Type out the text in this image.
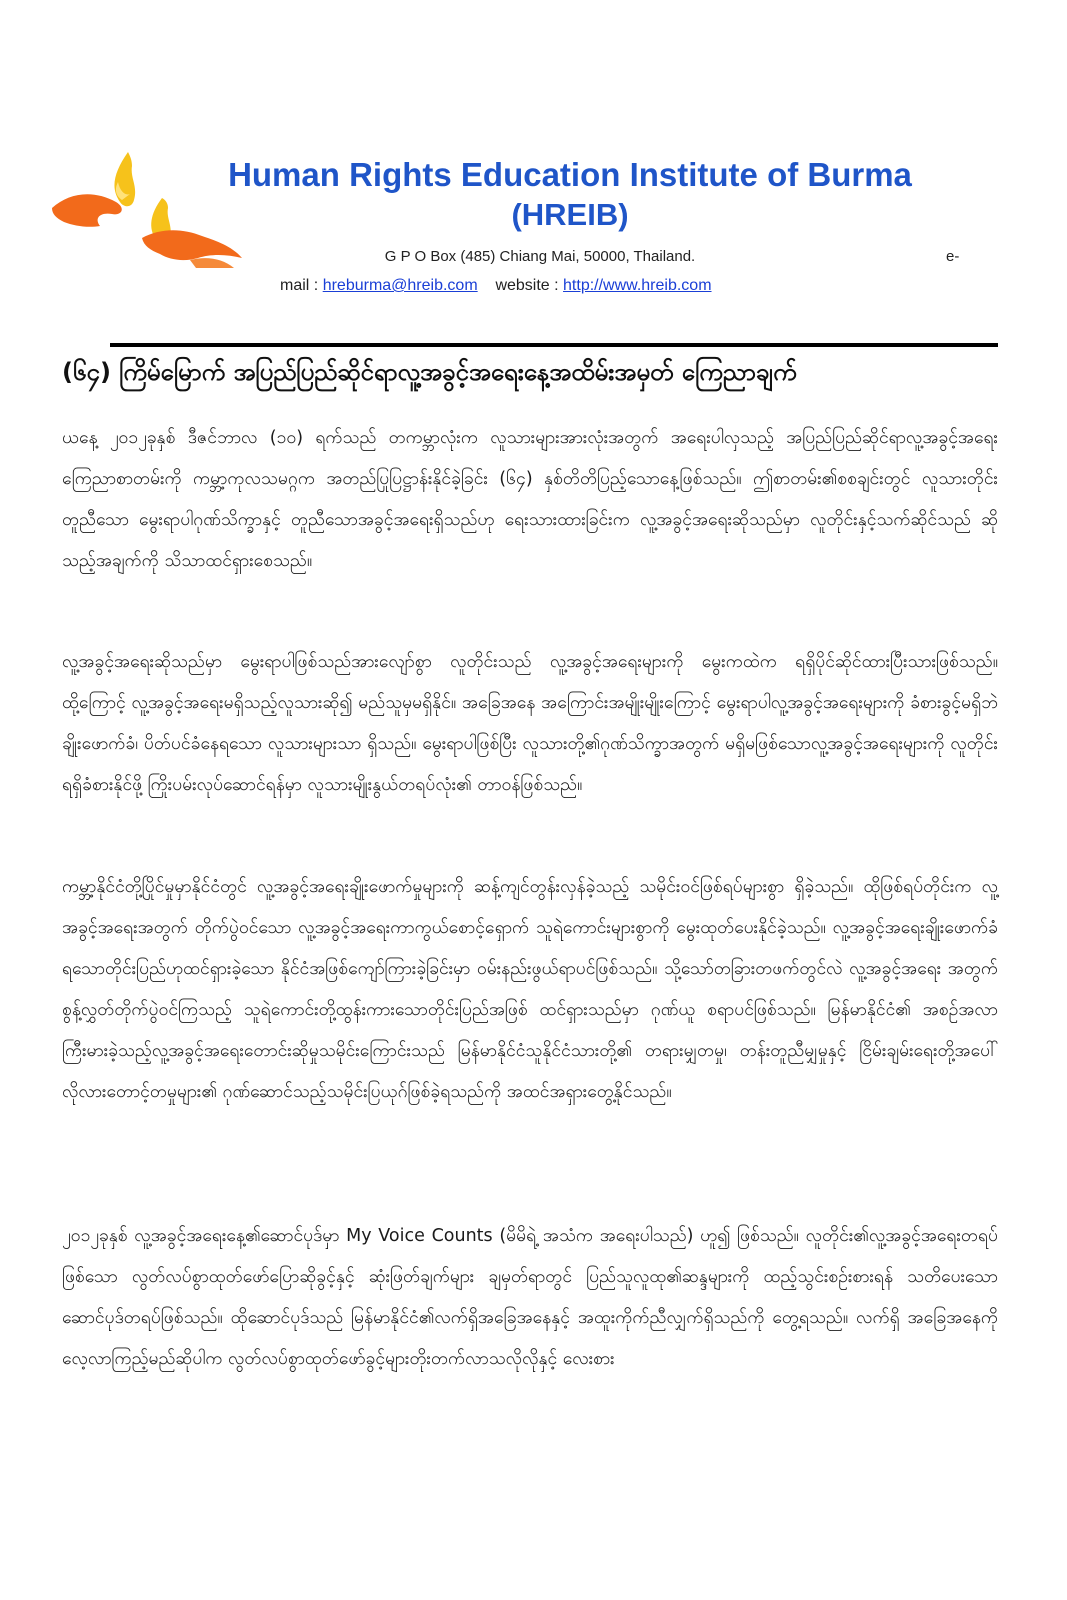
Human Rights Education Institute of Burma
(HREIB)
G P O Box (485) Chiang Mai, 50000, Thailand.	e-
mail : hreburma@hreib.com website : http://www.hreib.com
(၆၄) ကြိမ်မြောက် အပြည်ပြည်ဆိုင်ရာလူ့အခွင့်အရေးနေ့အထိမ်းအမှတ် ကြေညာချက်

ယနေ့ ၂၀၁၂ခုနှစ် ဒီဇင်ဘာလ (၁၀) ရက်သည် တကမ္ဘာလုံးက လူသားများအားလုံးအတွက် အရေးပါလှသည့် အပြည်ပြည်ဆိုင်ရာလူ့အခွင့်အရေးကြေညာစာတမ်းကို ကမ္ဘာ့ကုလသမဂ္ဂက အတည်ပြုပြဋ္ဌာန်းနိုင်ခဲ့ခြင်း (၆၄) နှစ်တိတိပြည့်သောနေ့ဖြစ်သည်။ ဤစာတမ်း၏စစချင်းတွင် လူသားတိုင်း တူညီသော မွေးရာပါဂုဏ်သိက္ခာနှင့် တူညီသောအခွင့်အရေးရှိသည်ဟု ရေးသားထားခြင်းက လူ့အခွင့်အရေးဆိုသည်မှာ လူတိုင်းနှင့်သက်ဆိုင်သည် ဆိုသည့်အချက်ကို သိသာထင်ရှားစေသည်။

လူ့အခွင့်အရေးဆိုသည်မှာ မွေးရာပါဖြစ်သည်အားလျော်စွာ လူတိုင်းသည် လူ့အခွင့်အရေးများကို မွေးကထဲက ရရှိပိုင်ဆိုင်ထားပြီးသားဖြစ်သည်။ ထို့ကြောင့် လူ့အခွင့်အရေးမရှိသည့်လူသားဆို၍ မည်သူမှမရှိနိုင်။ အခြေအနေ အကြောင်းအမျိုးမျိုးကြောင့် မွေးရာပါလူ့အခွင့်အရေးများကို ခံစားခွင့်မရှိဘဲ ချိုးဖောက်ခံ၊ ပိတ်ပင်ခံနေရသော လူသားများသာ ရှိသည်။ မွေးရာပါဖြစ်ပြီး လူသားတို့၏ဂုဏ်သိက္ခာအတွက် မရှိမဖြစ်သောလူ့အခွင့်အရေးများကို လူတိုင်းရရှိခံစားနိုင်ဖို့ ကြိုးပမ်းလုပ်ဆောင်ရန်မှာ လူသားမျိုးနွယ်တရပ်လုံး၏ တာဝန်ဖြစ်သည်။

ကမ္ဘာ့နိုင်ငံတို့ပြိုင်မှုမှာနိုင်ငံတွင် လူ့အခွင့်အရေးချိုးဖောက်မှုများကို ဆန့်ကျင်တွန်းလှန်ခဲ့သည့် သမိုင်းဝင်ဖြစ်ရပ်များစွာ ရှိခဲ့သည်။ ထိုဖြစ်ရပ်တိုင်းက လူ့အခွင့်အရေးအတွက် တိုက်ပွဲဝင်သော လူ့အခွင့်အရေးကာကွယ်စောင့်ရှောက် သူရဲကောင်းများစွာကို မွေးထုတ်ပေးနိုင်ခဲ့သည်။ လူ့အခွင့်အရေးချိုးဖောက်ခံရသောတိုင်းပြည်ဟုထင်ရှားခဲ့သော နိုင်ငံအဖြစ်ကျော်ကြားခဲ့ခြင်းမှာ ဝမ်းနည်းဖွယ်ရာပင်ဖြစ်သည်။ သို့သော်တခြားတဖက်တွင်လဲ လူ့အခွင့်အရေး အတွက်စွန့်လွှတ်တိုက်ပွဲဝင်ကြသည့် သူရဲကောင်းတို့ထွန်းကားသောတိုင်းပြည်အဖြစ် ထင်ရှားသည်မှာ ဂုဏ်ယူ စရာပင်ဖြစ်သည်။ မြန်မာနိုင်ငံ၏ အစဉ်အလာကြီးမားခဲ့သည့်လူ့အခွင့်အရေးတောင်းဆိုမှုသမိုင်းကြောင်းသည် မြန်မာနိုင်ငံသူနိုင်ငံသားတို့၏ တရားမျှတမှု၊ တန်းတူညီမျှမှုနှင့် ငြိမ်းချမ်းရေးတို့အပေါ် လိုလားတောင့်တမှုများ၏ ဂုဏ်ဆောင်သည့်သမိုင်းပြယုဂ်ဖြစ်ခဲ့ရသည်ကို အထင်အရှားတွေ့နိုင်သည်။

၂၀၁၂ခုနှစ် လူ့အခွင့်အရေးနေ့၏ဆောင်ပုဒ်မှာ My Voice Counts (မိမိရဲ့ အသံက အရေးပါသည်) ဟူ၍ ဖြစ်သည်။ လူတိုင်း၏လူ့အခွင့်အရေးတရပ်ဖြစ်သော လွတ်လပ်စွာထုတ်ဖော်ပြောဆိုခွင့်နှင့် ဆုံးဖြတ်ချက်များ ချမှတ်ရာတွင် ပြည်သူလူထု၏ဆန္ဒများကို ထည့်သွင်းစဉ်းစားရန် သတိပေးသော ဆောင်ပုဒ်တရပ်ဖြစ်သည်။ ထိုဆောင်ပုဒ်သည် မြန်မာနိုင်ငံ၏လက်ရှိအခြေအနေနှင့် အထူးကိုက်ညီလျှက်ရှိသည်ကို တွေ့ရသည်။ လက်ရှိ အခြေအနေကိုလေ့လာကြည့်မည်ဆိုပါက လွတ်လပ်စွာထုတ်ဖော်ခွင့်များတိုးတက်လာသလိုလိုနှင့် လေးစား
